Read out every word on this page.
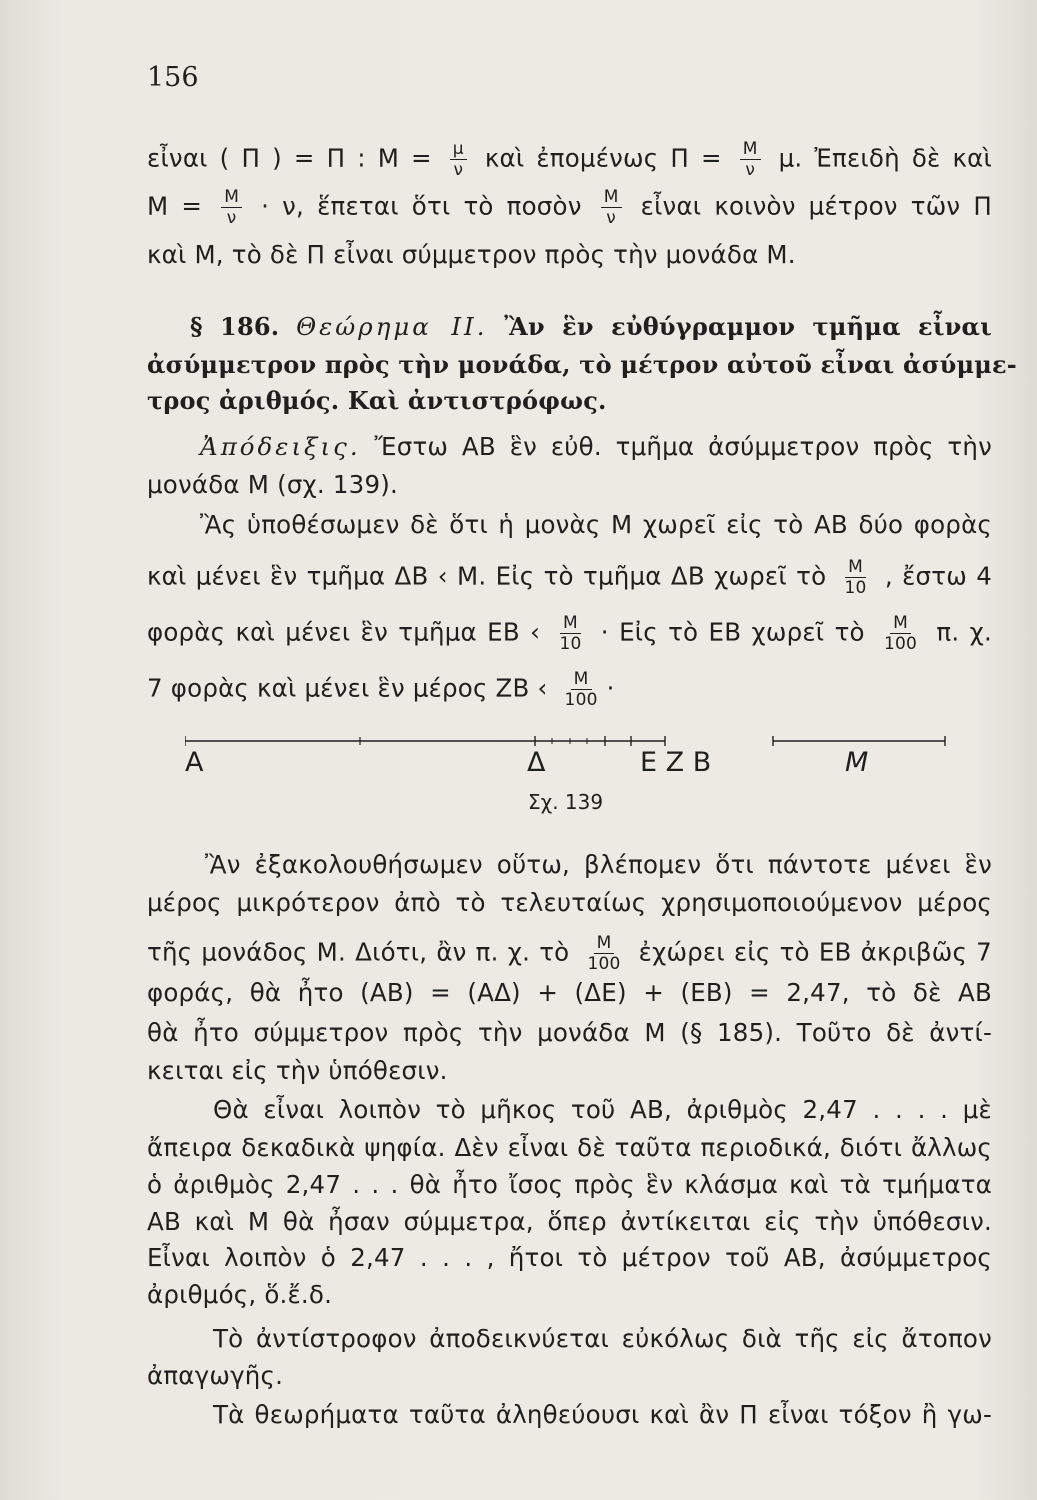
156
εἶναι ( Π ) = Π : $M = \frac{\mu}{\nu}$ καὶ ἐπομένως $\Pi = \frac{M}{\nu} \mu$. Ἐπειδὴ δὲ καὶ
$M = \frac{M}{\nu} \cdot \nu$, ἕπεται ὅτι τὸ ποσὸν $\frac{M}{\nu}$ εἶναι κοινὸν μέτρον τῶν Π
καὶ Μ, τὸ δὲ Π εἶναι σύμμετρον πρὸς τὴν μονάδα Μ.
§ 186. Θεώρημα ΙΙ. Ἂν ἓν εὐθύγραμμον τμῆμα εἶναι
ἀσύμμετρον πρὸς τὴν μονάδα, τὸ μέτρον αὐτοῦ εἶναι ἀσύμμε-
τρος ἀριθμός. Καὶ ἀντιστρόφως.
Ἀπόδειξις. Ἔστω ΑΒ ἓν εὐθ. τμῆμα ἀσύμμετρον πρὸς τὴν
μονάδα Μ (σχ. 139).
Ἂς ὑποθέσωμεν δὲ ὅτι ἡ μονὰς Μ χωρεῖ εἰς τὸ ΑΒ δύο φορὰς
καὶ μένει ἓν τμῆμα ΔΒ ‹ Μ. Εἰς τὸ τμῆμα ΔΒ χωρεῖ τὸ $\frac{M}{10}$ , ἔστω 4
φορὰς καὶ μένει ἓν τμῆμα ΕΒ ‹ $\frac{M}{10}$ · Εἰς τὸ ΕΒ χωρεῖ τὸ $\frac{M}{100} \pi$. χ.
7 φορὰς καὶ μένει ἓν μέρος ΖΒ ‹ $\frac{M}{100}$ ·
Α	Δ	Ε Ζ Β	Μ
Σχ. 139
Ἂν ἐξακολουθήσωμεν οὕτω, βλέπομεν ὅτι πάντοτε μένει ἓν
μέρος μικρότερον ἀπὸ τὸ τελευταίως χρησιμοποιούμενον μέρος
τῆς μονάδος Μ. Διότι, ἂν π. χ. τὸ $\frac{M}{100}$ ἐχώρει εἰς τὸ ΕΒ ἀκριβῶς 7
φοράς, θὰ ἦτο (ΑΒ) = (ΑΔ) + (ΔΕ) + (ΕΒ) = 2,47, τὸ δὲ ΑΒ
θὰ ἦτο σύμμετρον πρὸς τὴν μονάδα Μ (§ 185). Τοῦτο δὲ ἀντί-
κειται εἰς τὴν ὑπόθεσιν.
Θὰ εἶναι λοιπὸν τὸ μῆκος τοῦ ΑΒ, ἀριθμὸς 2,47 . . . . μὲ
ἄπειρα δεκαδικὰ ψηφία. Δὲν εἶναι δὲ ταῦτα περιοδικά, διότι ἄλλως
ὁ ἀριθμὸς 2,47 . . . θὰ ἦτο ἴσος πρὸς ἓν κλάσμα καὶ τὰ τμήματα
ΑΒ καὶ Μ θὰ ἦσαν σύμμετρα, ὅπερ ἀντίκειται εἰς τὴν ὑπόθεσιν.
Εἶναι λοιπὸν ὁ 2,47 . . . , ἤτοι τὸ μέτρον τοῦ ΑΒ, ἀσύμμετρος
ἀριθμός, ὅ.ἔ.δ.
Τὸ ἀντίστροφον ἀποδεικνύεται εὐκόλως διὰ τῆς εἰς ἄτοπον
ἀπαγωγῆς.
Τὰ θεωρήματα ταῦτα ἀληθεύουσι καὶ ἂν Π εἶναι τόξον ἢ γω-
